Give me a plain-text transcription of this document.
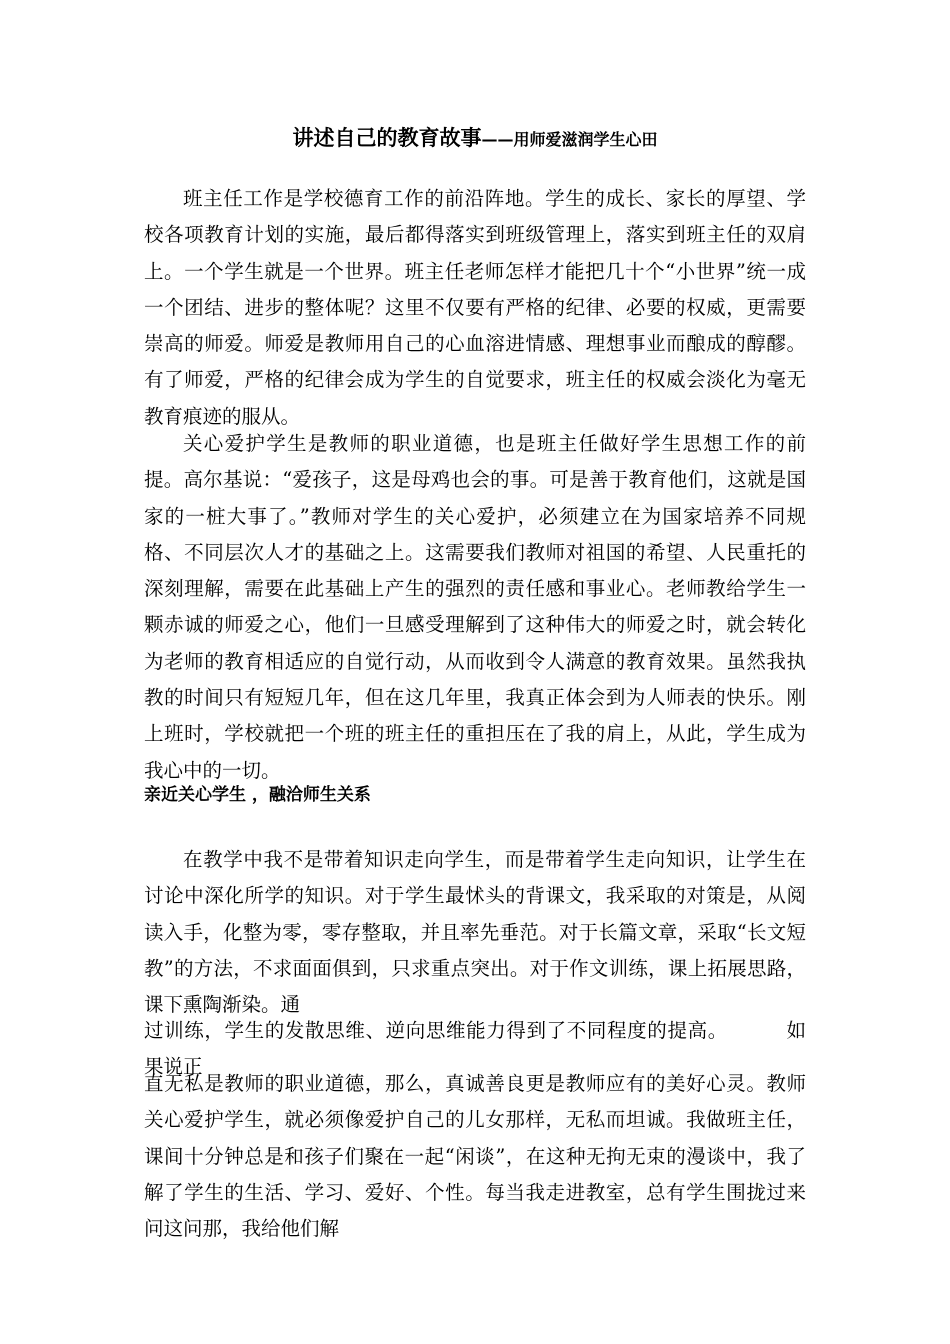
讲述自己的教育故事——用师爱滋润学生心田

班主任工作是学校德育工作的前沿阵地。学生的成长、家长的厚望、学校各项教育计划的实施，最后都得落实到班级管理上，落实到班主任的双肩上。一个学生就是一个世界。班主任老师怎样才能把几十个“小世界”统一成一个团结、进步的整体呢？这里不仅要有严格的纪律、必要的权威，更需要崇高的师爱。师爱是教师用自己的心血溶进情感、理想事业而酿成的醇醪。有了师爱，严格的纪律会成为学生的自觉要求，班主任的权威会淡化为毫无教育痕迹的服从。

关心爱护学生是教师的职业道德，也是班主任做好学生思想工作的前提。高尔基说：“爱孩子，这是母鸡也会的事。可是善于教育他们，这就是国家的一桩大事了。”教师对学生的关心爱护，必须建立在为国家培养不同规格、不同层次人才的基础之上。这需要我们教师对祖国的希望、人民重托的深刻理解，需要在此基础上产生的强烈的责任感和事业心。老师教给学生一颗赤诚的师爱之心，他们一旦感受理解到了这种伟大的师爱之时，就会转化为老师的教育相适应的自觉行动，从而收到令人满意的教育效果。虽然我执教的时间只有短短几年，但在这几年里，我真正体会到为人师表的快乐。刚上班时，学校就把一个班的班主任的重担压在了我的肩上，从此，学生成为我心中的一切。

亲近关心学生 ，融洽师生关系

在教学中我不是带着知识走向学生，而是带着学生走向知识，让学生在讨论中深化所学的知识。对于学生最怵头的背课文，我采取的对策是，从阅读入手，化整为零，零存整取，并且率先垂范。对于长篇文章，采取“长文短教”的方法，不求面面俱到，只求重点突出。对于作文训练，课上拓展思路，课下熏陶渐染。通

过训练，学生的发散思维、逆向思维能力得到了不同程度的提高。	如果说正

直无私是教师的职业道德，那么，真诚善良更是教师应有的美好心灵。教师关心爱护学生，就必须像爱护自己的儿女那样，无私而坦诚。我做班主任，课间十分钟总是和孩子们聚在一起“闲谈”，在这种无拘无束的漫谈中，我了解了学生的生活、学习、爱好、个性。每当我走进教室，总有学生围拢过来问这问那，我给他们解
